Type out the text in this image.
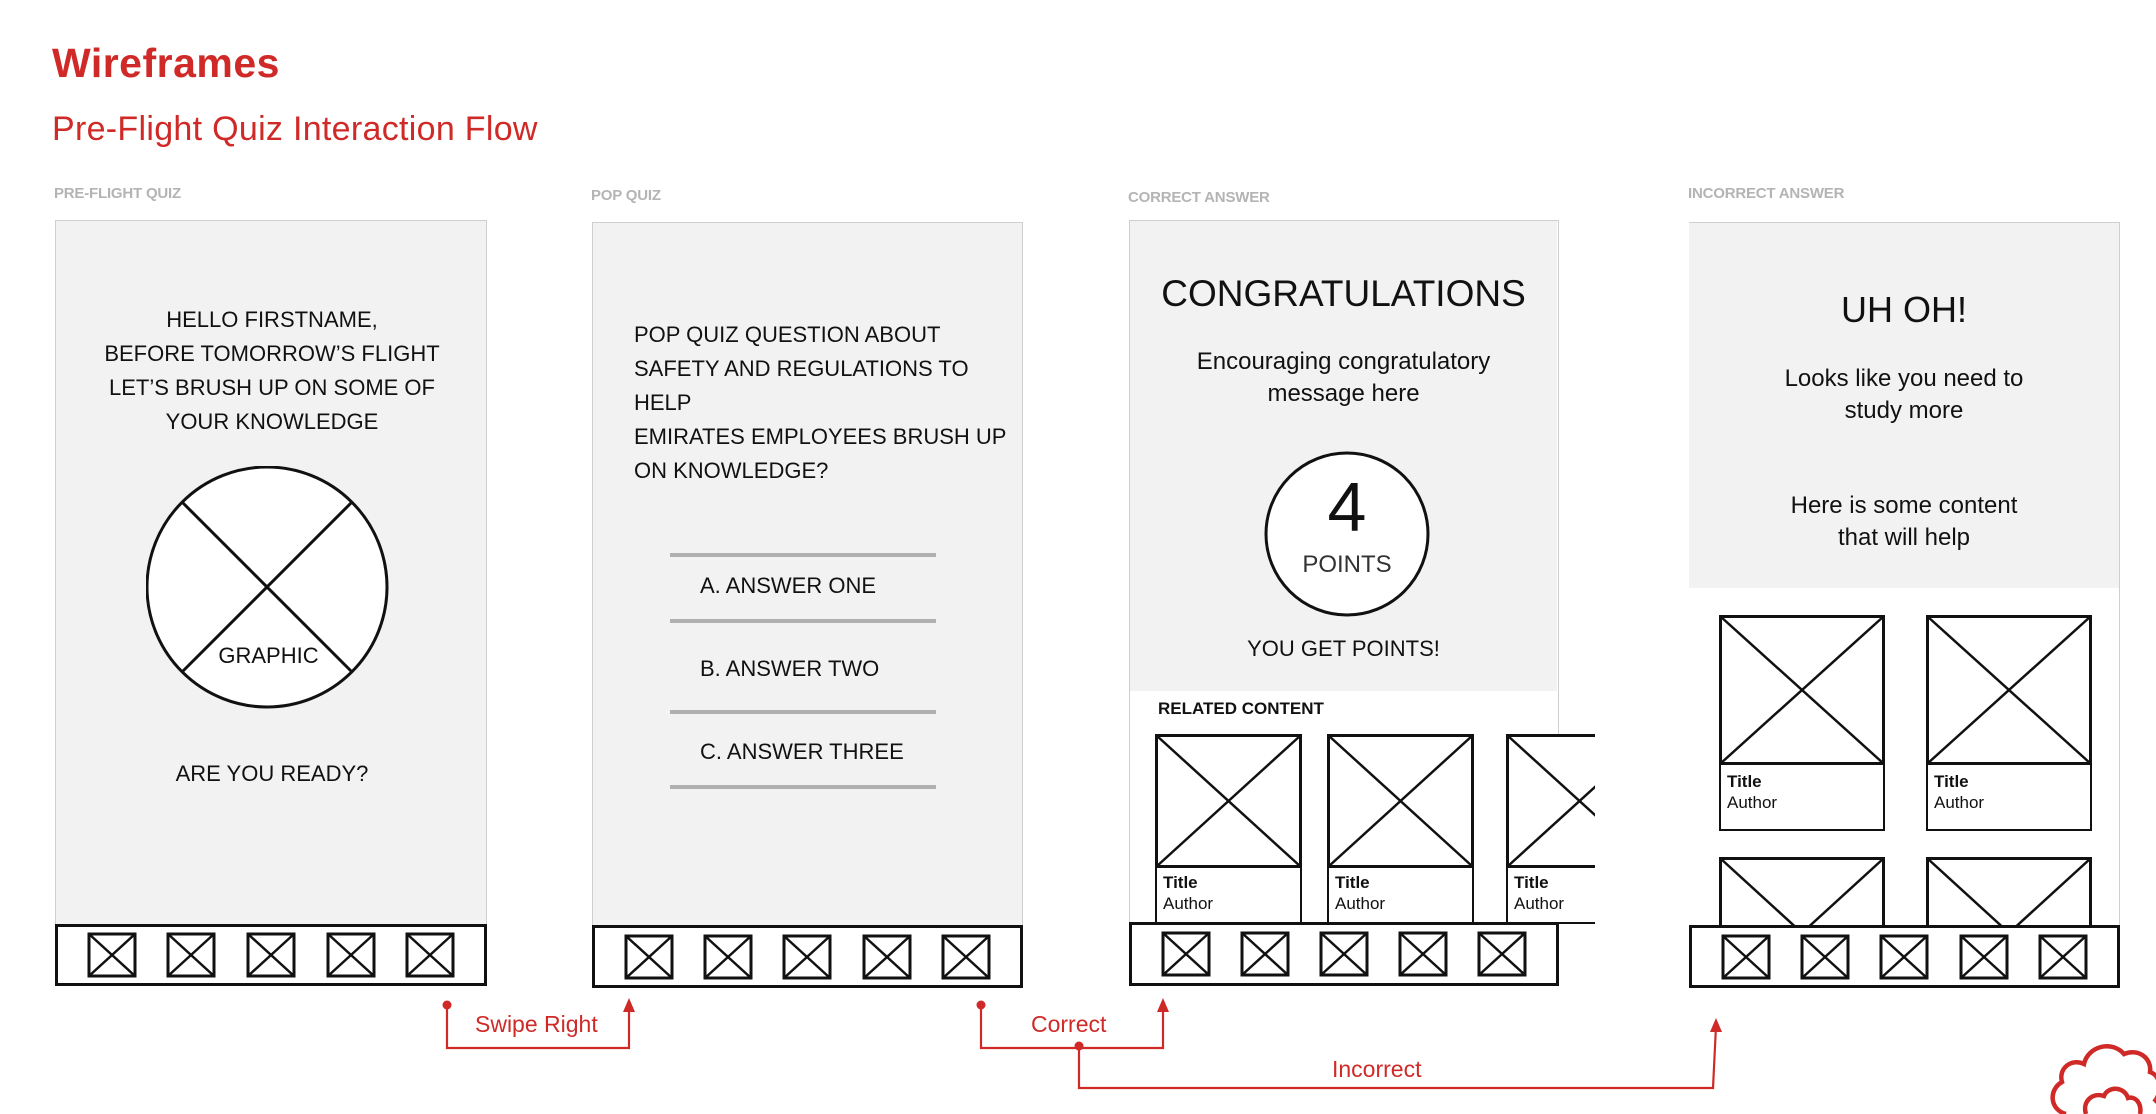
Wireframes
Pre-Flight Quiz Interaction Flow
PRE-FLIGHT QUIZ
HELLO FIRSTNAME,
BEFORE TOMORROW’S FLIGHT
LET’S BRUSH UP ON SOME OF
YOUR KNOWLEDGE
GRAPHIC
ARE YOU READY?
POP QUIZ
POP QUIZ QUESTION ABOUT
SAFETY AND REGULATIONS TO HELP
EMIRATES EMPLOYEES BRUSH UP
ON KNOWLEDGE?
A. ANSWER ONE
B. ANSWER TWO
C. ANSWER THREE
CORRECT ANSWER
CONGRATULATIONS
Encouraging congratulatory
message here
4
POINTS
YOU GET POINTS!
RELATED CONTENT
Title
Author
Title
Author
Title
Author
INCORRECT ANSWER
UH OH!
Looks like you need to
study more
Here is some content
that will help
Title
Author
Title
Author
Swipe Right	Correct
Incorrect
